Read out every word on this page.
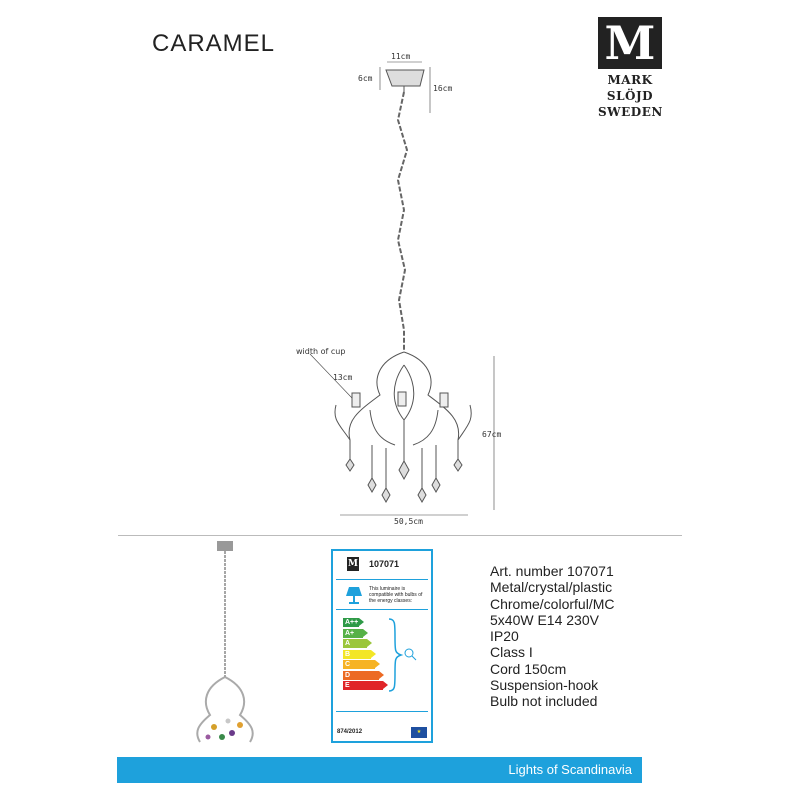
CARAMEL	M
MARK
SLÖJD
SWEDEN
11cm
6cm
16cm
width of cup
13cm
67cm
50,5cm
M 107071
This luminaire is compatible with bulbs of the energy classes:
A++
A+
A
B
C
D
E
874/2012	★
Art. number 107071
Metal/crystal/plastic
Chrome/colorful/MC
5x40W E14 230V
IP20
Class I
Cord 150cm
Suspension-hook
Bulb not included
Lights of Scandinavia
